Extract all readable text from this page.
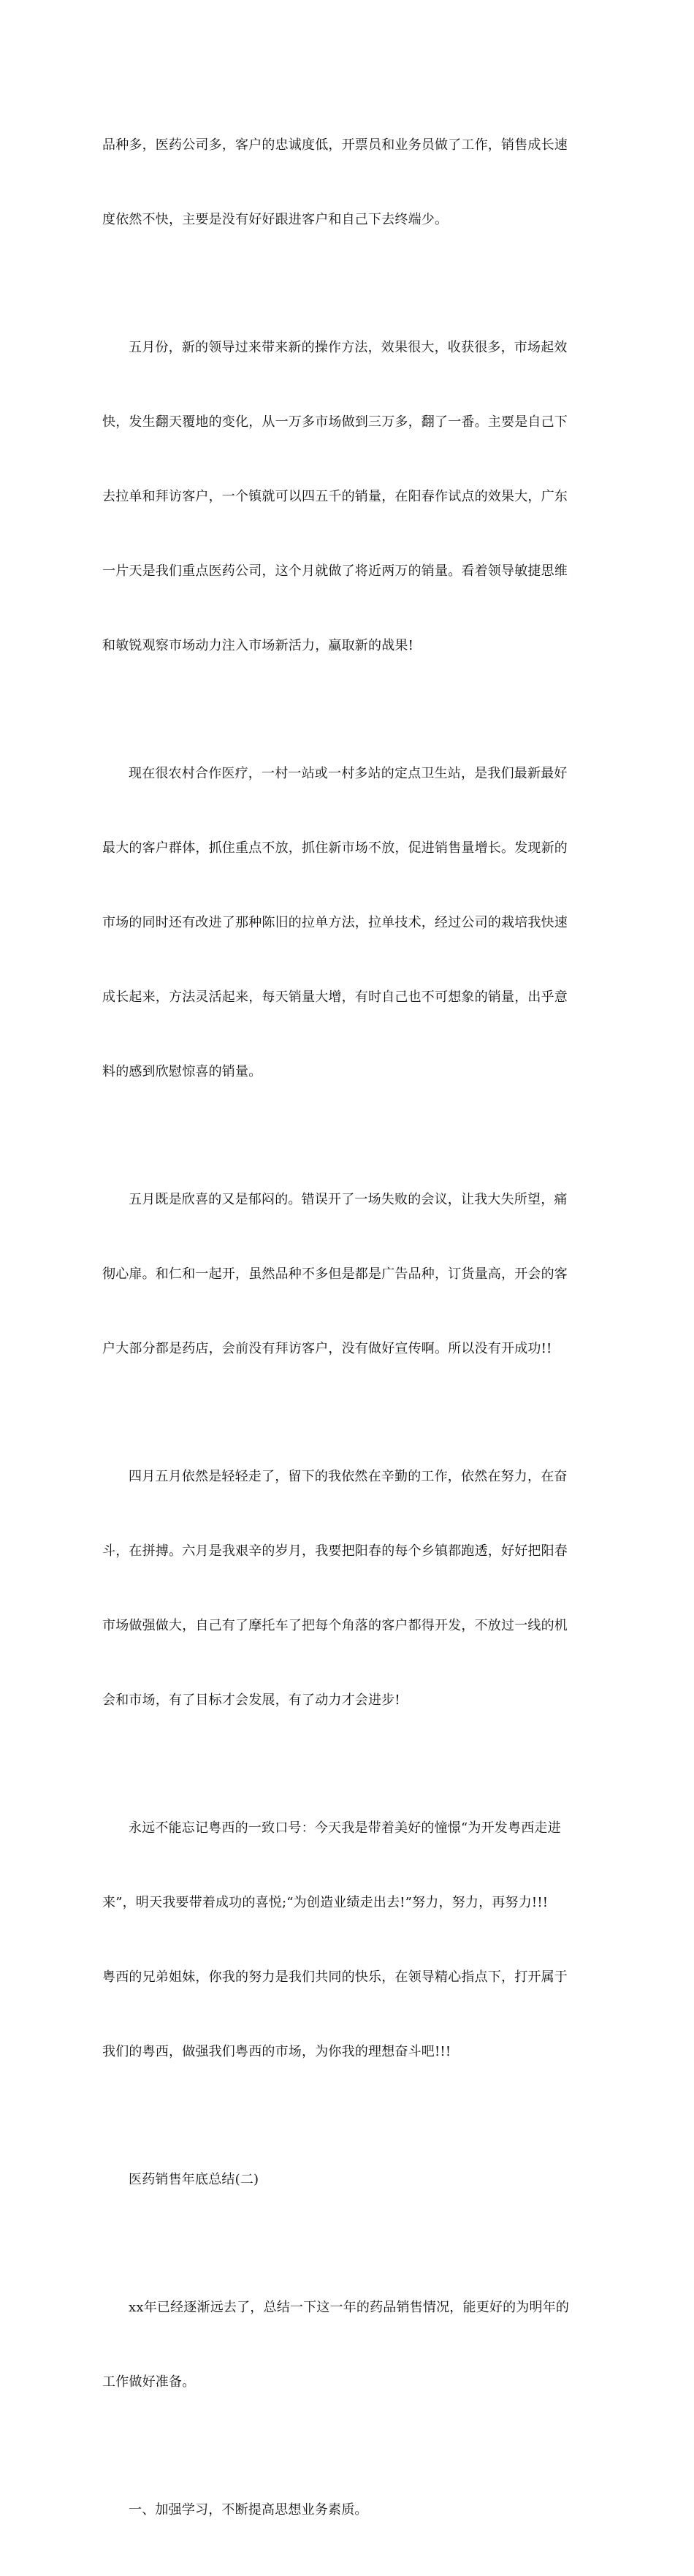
品种多，医药公司多，客户的忠诚度低，开票员和业务员做了工作，销售成长速

度依然不快，主要是没有好好跟进客户和自己下去终端少。

五月份，新的领导过来带来新的操作方法，效果很大，收获很多，市场起效

快，发生翻天覆地的变化，从一万多市场做到三万多，翻了一番。主要是自己下

去拉单和拜访客户，一个镇就可以四五千的销量，在阳春作试点的效果大，广东

一片天是我们重点医药公司，这个月就做了将近两万的销量。看着领导敏捷思维

和敏锐观察市场动力注入市场新活力，赢取新的战果!

现在很农村合作医疗，一村一站或一村多站的定点卫生站，是我们最新最好

最大的客户群体，抓住重点不放，抓住新市场不放，促进销售量增长。发现新的

市场的同时还有改进了那种陈旧的拉单方法，拉单技术，经过公司的栽培我快速

成长起来，方法灵活起来，每天销量大增，有时自己也不可想象的销量，出乎意

料的感到欣慰惊喜的销量。

五月既是欣喜的又是郁闷的。错误开了一场失败的会议，让我大失所望，痛

彻心扉。和仁和一起开，虽然品种不多但是都是广告品种，订货量高，开会的客

户大部分都是药店，会前没有拜访客户，没有做好宣传啊。所以没有开成功!!

四月五月依然是轻轻走了，留下的我依然在辛勤的工作，依然在努力，在奋

斗，在拼搏。六月是我艰辛的岁月，我要把阳春的每个乡镇都跑透，好好把阳春

市场做强做大，自己有了摩托车了把每个角落的客户都得开发，不放过一线的机

会和市场，有了目标才会发展，有了动力才会进步!

永远不能忘记粤西的一致口号：今天我是带着美好的憧憬“为开发粤西走进

来”，明天我要带着成功的喜悦;“为创造业绩走出去!”努力，努力，再努力!!!

粤西的兄弟姐妹，你我的努力是我们共同的快乐，在领导精心指点下，打开属于

我们的粤西，做强我们粤西的市场，为你我的理想奋斗吧!!!

医药销售年底总结(二)

xx年已经逐渐远去了，总结一下这一年的药品销售情况，能更好的为明年的

工作做好准备。

一、加强学习，不断提高思想业务素质。
